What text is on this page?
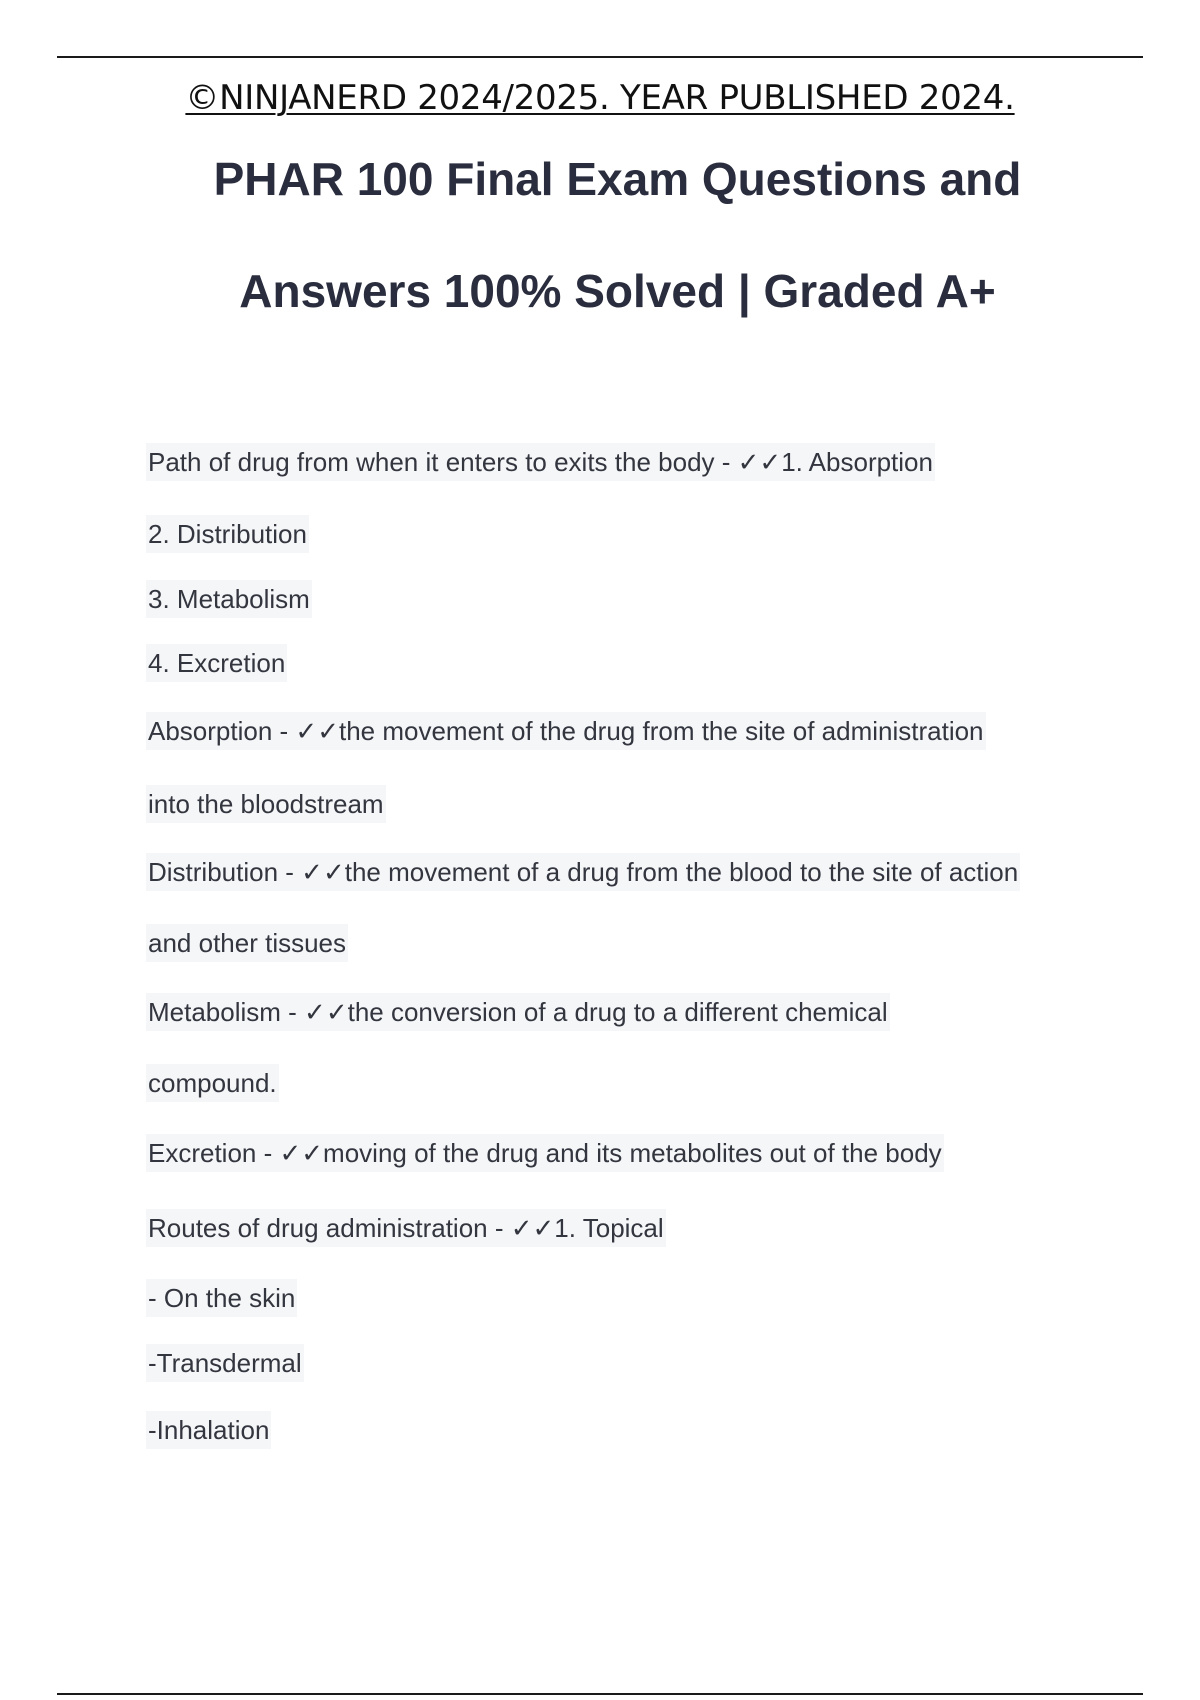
©NINJANERD 2024/2025. YEAR PUBLISHED 2024.
PHAR 100 Final Exam Questions and
Answers 100% Solved | Graded A+
Path of drug from when it enters to exits the body - ✓✓1. Absorption
2. Distribution
3. Metabolism
4. Excretion
Absorption - ✓✓the movement of the drug from the site of administration
into the bloodstream
Distribution - ✓✓the movement of a drug from the blood to the site of action
and other tissues
Metabolism - ✓✓the conversion of a drug to a different chemical
compound.
Excretion - ✓✓moving of the drug and its metabolites out of the body
Routes of drug administration - ✓✓1. Topical
- On the skin
-Transdermal
-Inhalation
